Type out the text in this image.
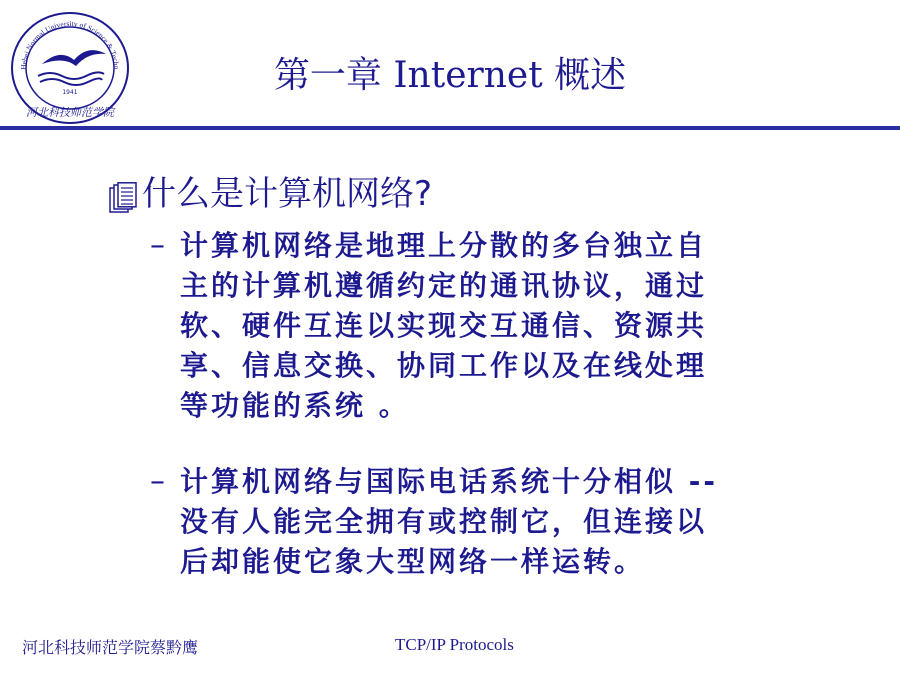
Hebei Normal University of Science & Techn
1941
河北科技师范学院
第一章 Internet 概述
什么是计算机网络?
– 计算机网络是地理上分散的多台独立自
主的计算机遵循约定的通讯协议，通过
软、硬件互连以实现交互通信、资源共
享、信息交换、协同工作以及在线处理
等功能的系统 。
– 计算机网络与国际电话系统十分相似 --
没有人能完全拥有或控制它，但连接以
后却能使它象大型网络一样运转。
河北科技师范学院蔡黔鹰	TCP/IP Protocols
